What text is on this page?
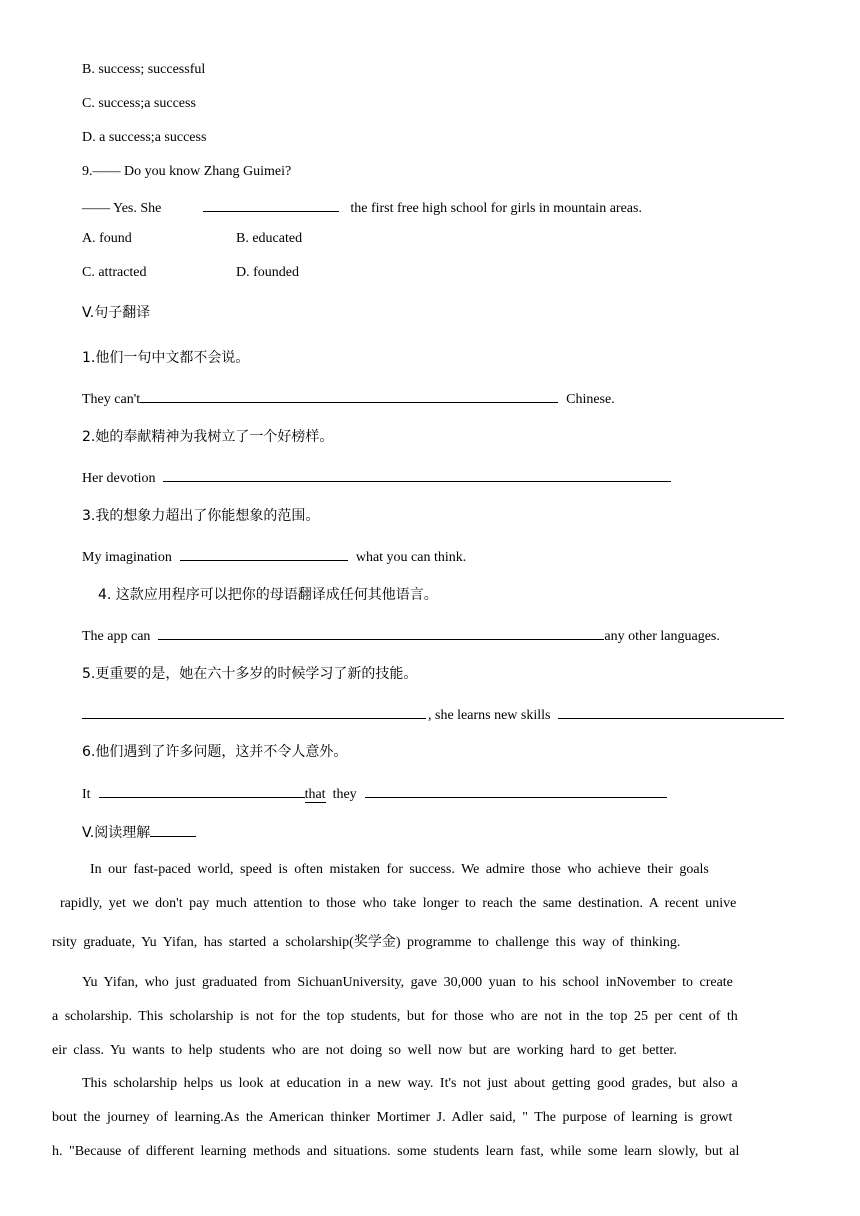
B. success; successful
C. success;a success
D. a success;a success
9.—— Do you know Zhang Guimei?
—— Yes. She	the first free high school for girls in mountain areas.
A. found	B. educated
C. attracted	D. founded
V.句子翻译
1.他们一句中文都不会说。
They can't	Chinese.
2.她的奉献精神为我树立了一个好榜样。
Her devotion
3.我的想象力超出了你能想象的范围。
My imagination	what you can think.
4. 这款应用程序可以把你的母语翻译成任何其他语言。
The app can	any other languages.
5.更重要的是，她在六十多岁的时候学习了新的技能。
, she learns new skills
6.他们遇到了许多问题，这并不令人意外。
It	that they
V.阅读理解
In our fast-paced world, speed is often mistaken for success. We admire those who achieve their goals
rapidly, yet we don't pay much attention to those who take longer to reach the same destination. A recent unive
rsity graduate, Yu Yifan, has started a scholarship(奖学金) programme to challenge this way of thinking.
Yu Yifan, who just graduated from SichuanUniversity, gave 30,000 yuan to his school inNovember to create
a scholarship. This scholarship is not for the top students, but for those who are not in the top 25 per cent of th
eir class. Yu wants to help students who are not doing so well now but are working hard to get better.
This scholarship helps us look at education in a new way. It's not just about getting good grades, but also a
bout the journey of learning.As the American thinker Mortimer J. Adler said, " The purpose of learning is growt
h. "Because of different learning methods and situations. some students learn fast, while some learn slowly, but al
